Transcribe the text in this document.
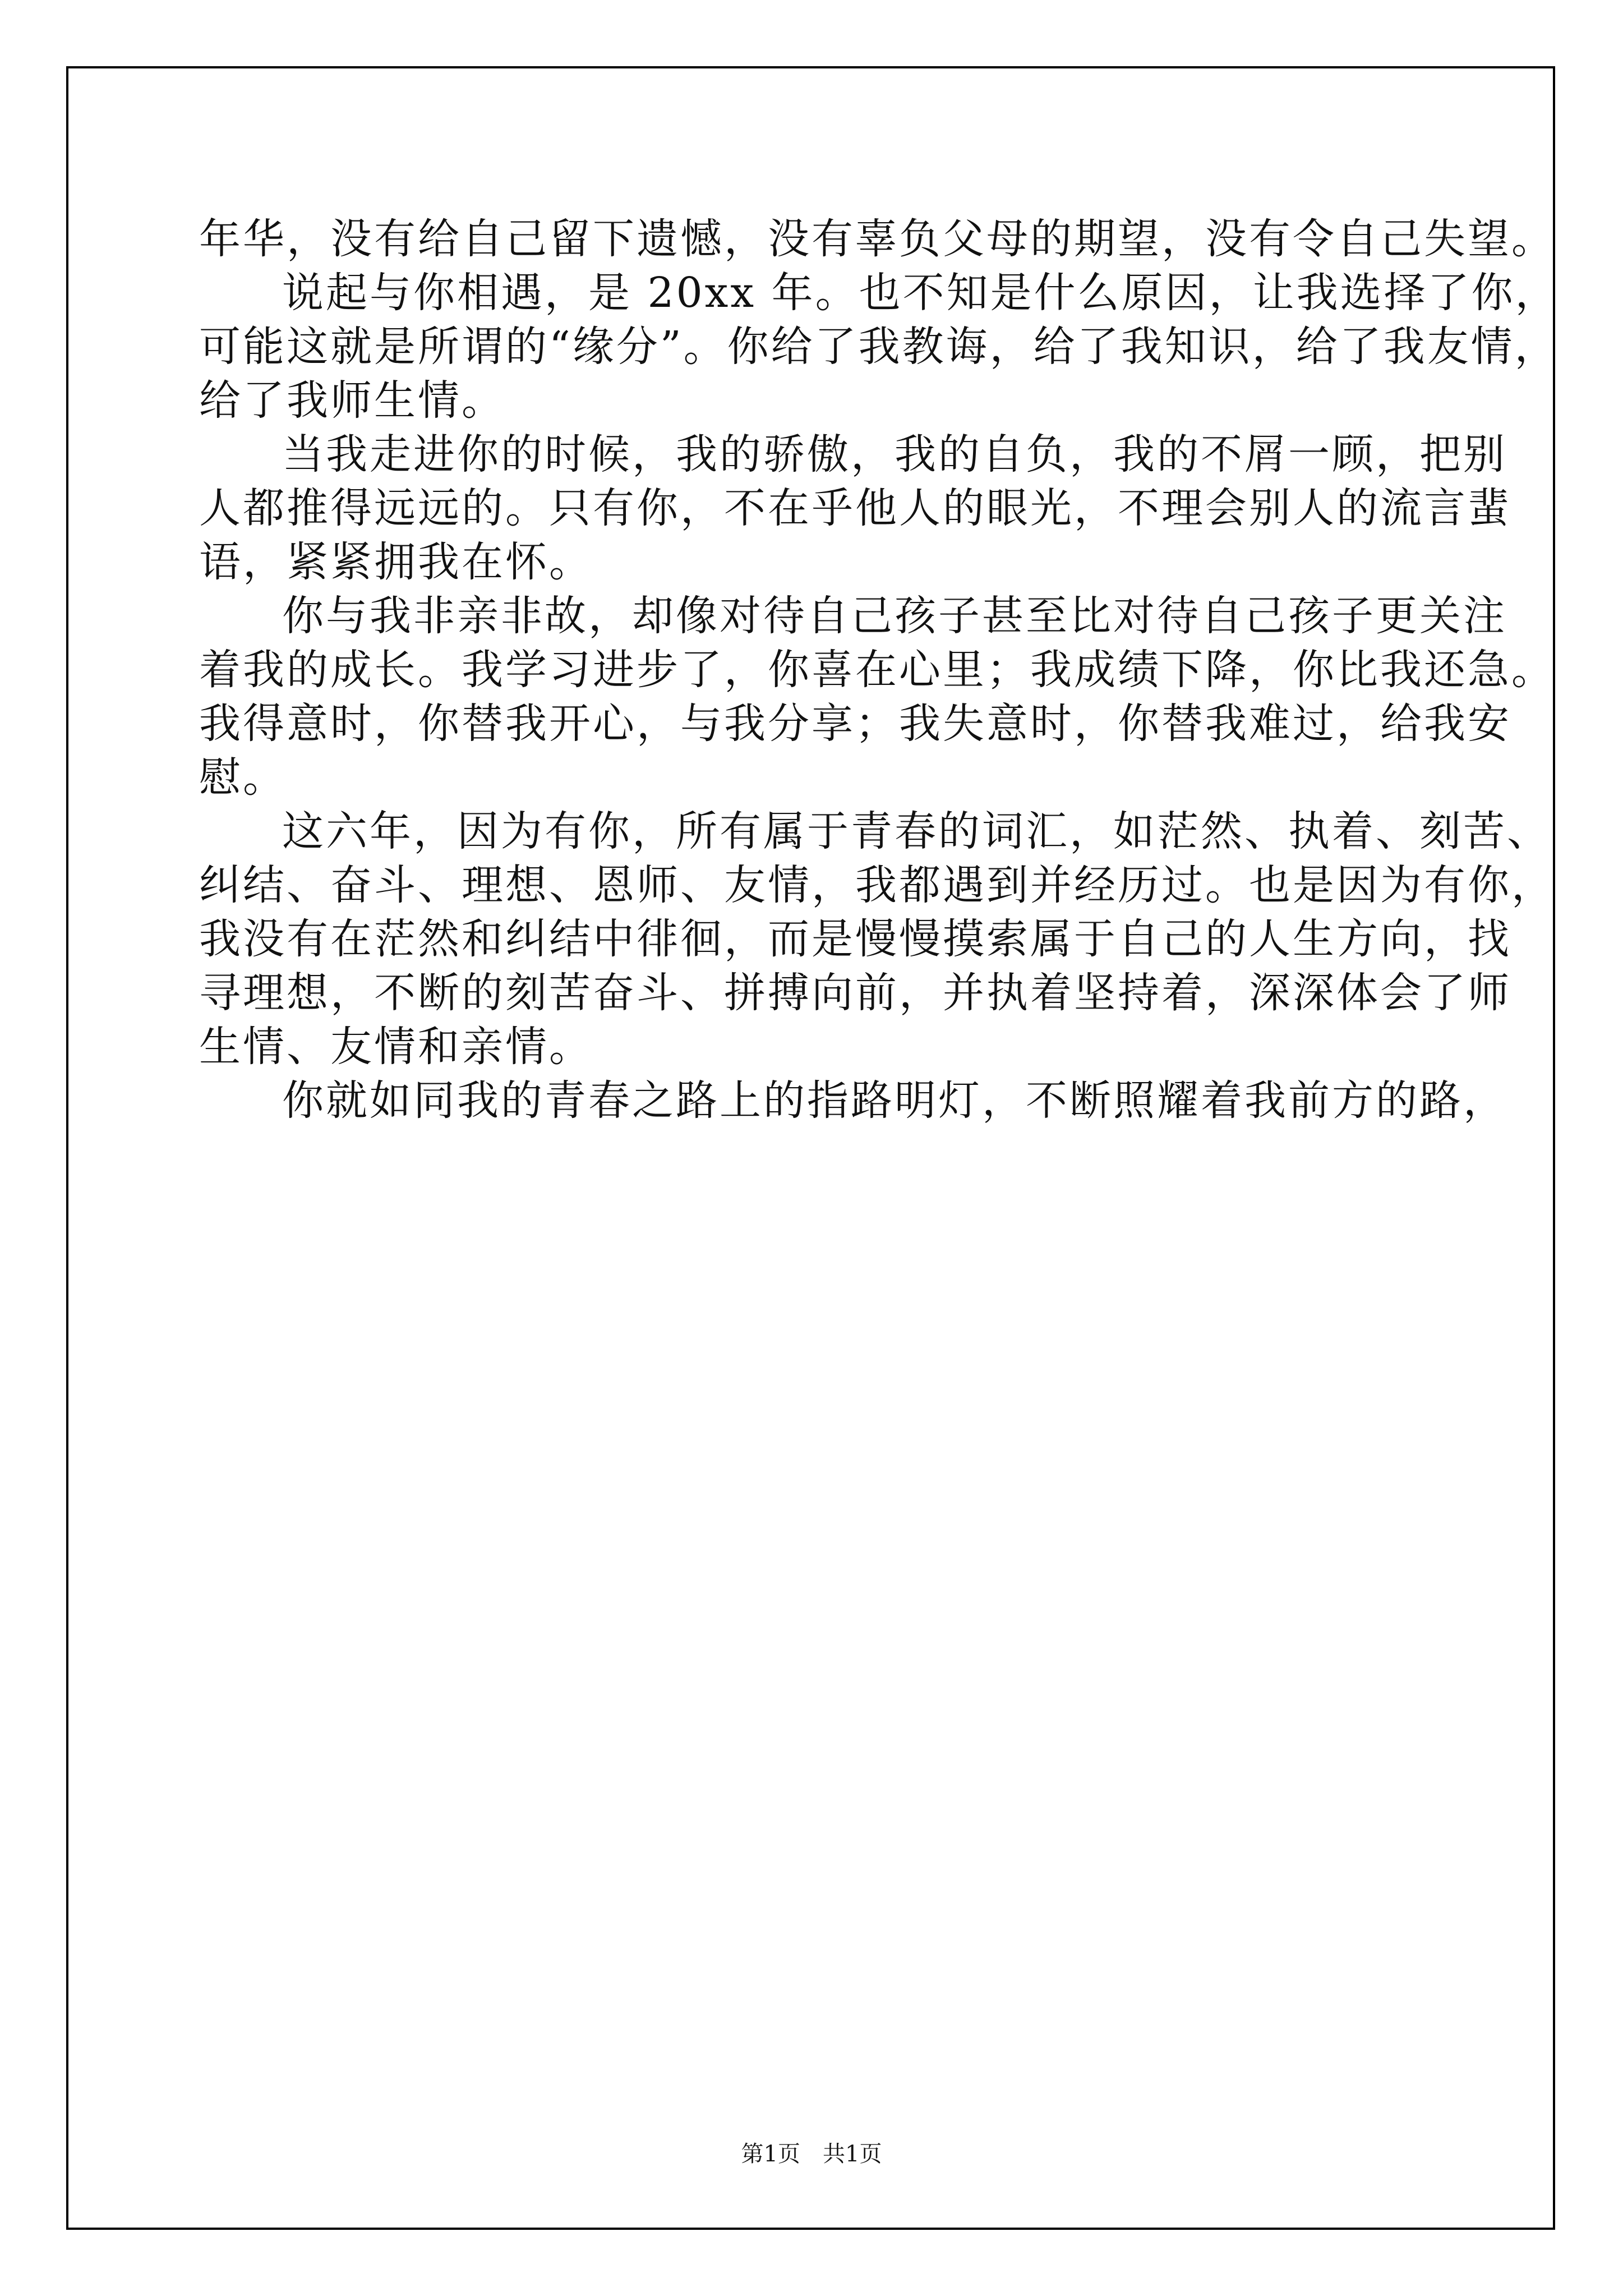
年华，没有给自己留下遗憾，没有辜负父母的期望，没有令自己失望。
说起与你相遇，是 20xx 年。也不知是什么原因，让我选择了你，
可能这就是所谓的“缘分”。你给了我教诲，给了我知识，给了我友情，
给了我师生情。
当我走进你的时候，我的骄傲，我的自负，我的不屑一顾，把别
人都推得远远的。只有你，不在乎他人的眼光，不理会别人的流言蜚
语，紧紧拥我在怀。
你与我非亲非故，却像对待自己孩子甚至比对待自己孩子更关注
着我的成长。我学习进步了，你喜在心里；我成绩下降，你比我还急。
我得意时，你替我开心，与我分享；我失意时，你替我难过，给我安
慰。
这六年，因为有你，所有属于青春的词汇，如茫然、执着、刻苦、
纠结、奋斗、理想、恩师、友情，我都遇到并经历过。也是因为有你，
我没有在茫然和纠结中徘徊，而是慢慢摸索属于自己的人生方向，找
寻理想，不断的刻苦奋斗、拼搏向前，并执着坚持着，深深体会了师
生情、友情和亲情。
你就如同我的青春之路上的指路明灯，不断照耀着我前方的路，
第1页　共1页
